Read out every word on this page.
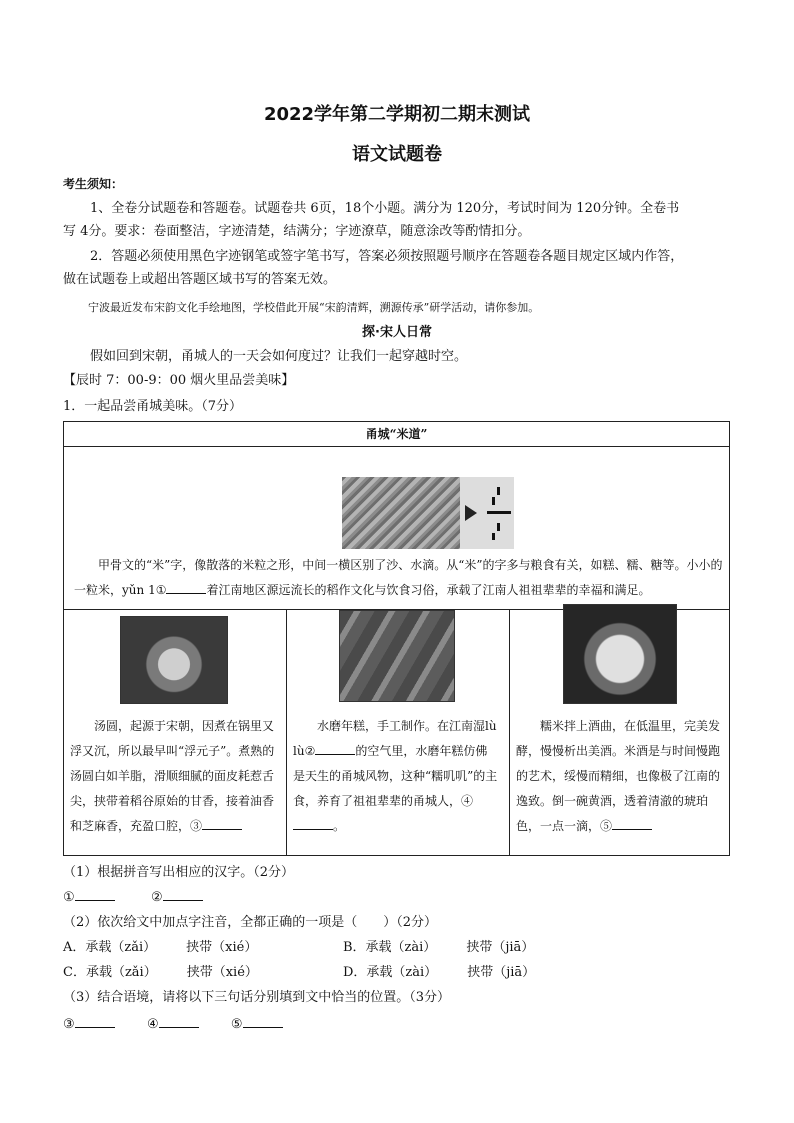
2022学年第二学期初二期末测试
语文试题卷
考生须知：
1、全卷分试题卷和答题卷。试题卷共 6页，18个小题。满分为 120分，考试时间为 120分钟。全卷书
写 4分。要求：卷面整洁，字迹清楚，结满分；字迹潦草，随意涂改等酌情扣分。
2．答题必须使用黑色字迹钢笔或签字笔书写，答案必须按照题号顺序在答题卷各题目规定区域内作答，
做在试题卷上或超出答题区域书写的答案无效。
宁波最近发布宋韵文化手绘地图，学校借此开展“宋韵清辉，溯源传承”研学活动，请你参加。
探·宋人日常
假如回到宋朝，甬城人的一天会如何度过？让我们一起穿越时空。
【辰时 7：00-9：00 烟火里品尝美味】
1．一起品尝甬城美味。（7分）
甬城“米道”

甲骨文的“米”字，像散落的米粒之形，中间一横区别了沙、水滴。从“米”的字多与粮食有关，如糕、糯、糖等。小小的一粒米，yǔn 1①	着江南地区源远流长的稻作文化与饮食习俗，承载了江南人祖祖辈辈的幸福和满足。

汤圆，起源于宋朝，因煮在锅里又浮又沉，所以最早叫“浮元子”。煮熟的汤圆白如羊脂，滑顺细腻的面皮耗惹舌尖，挟带着稻谷原始的甘香，接着油香和芝麻香，充盈口腔，③

水磨年糕，手工制作。在江南湿lù lù②	的空气里，水磨年糕仿佛是天生的甬城风物，这种“糯叽叽”的主食，养育了祖祖辈辈的甬城人，④。

糯米拌上酒曲，在低温里，完美发酵，慢慢析出美酒。米酒是与时间慢跑的艺术，绥慢而精细，也像极了江南的逸致。倒一碗黄酒，透着清澈的琥珀色，一点一滴，⑤
（1）根据拼音写出相应的汉字。（2分）
①	②
（2）依次给文中加点字注音，全都正确的一项是（　　）（2分）
A．承载（zǎi） 挟带（xié）	B．承载（zài） 挟带（jiā）
C．承载（zǎi） 挟带（xié）	D．承载（zài） 挟带（jiā）
（3）结合语境，请将以下三句话分别填到文中恰当的位置。（3分）
③	④	⑤
